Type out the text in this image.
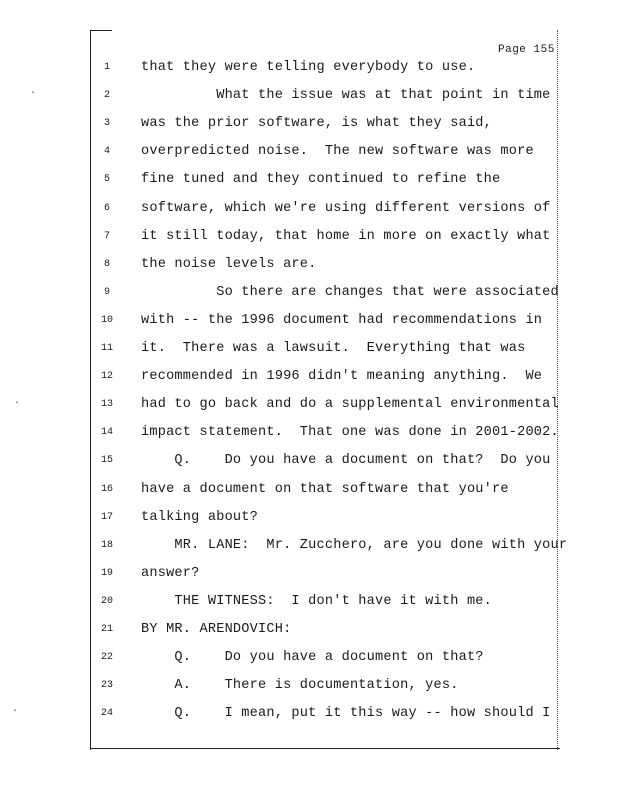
·
·
·
Page 155
1	that they were telling everybody to use.
2	What the issue was at that point in time
3	was the prior software, is what they said,
4	overpredicted noise.  The new software was more
5	fine tuned and they continued to refine the
6	software, which we're using different versions of
7	it still today, that home in more on exactly what
8	the noise levels are.
9	So there are changes that were associated
10	with -- the 1996 document had recommendations in
11	it.  There was a lawsuit.  Everything that was
12	recommended in 1996 didn't meaning anything.  We
13	had to go back and do a supplemental environmental
14	impact statement.  That one was done in 2001-2002.
15	Q.    Do you have a document on that?  Do you
16	have a document on that software that you're
17	talking about?
18	MR. LANE:  Mr. Zucchero, are you done with your
19	answer?
20	THE WITNESS:  I don't have it with me.
21	BY MR. ARENDOVICH:
22	Q.    Do you have a document on that?
23	A.    There is documentation, yes.
24	Q.    I mean, put it this way -- how should I
